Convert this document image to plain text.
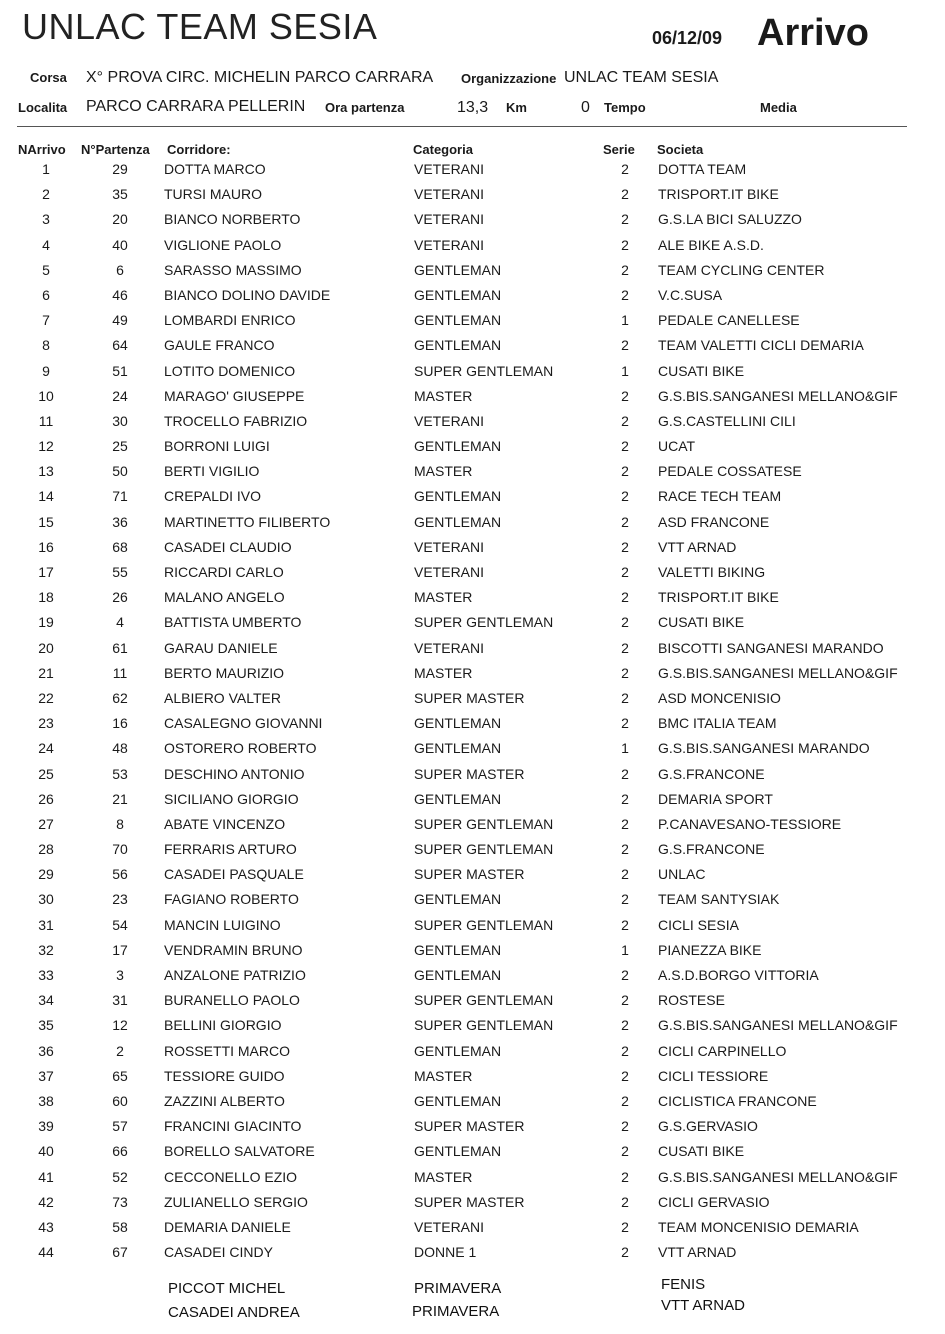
UNLAC TEAM SESIA	06/12/09 Arrivo
Corsa X° PROVA CIRC. MICHELIN PARCO CARRARA Organizzazione UNLAC TEAM SESIA
Localita PARCO CARRARA PELLERIN Ora partenza	13,3 Km	0 Tempo	Media
NArrivo N°Partenza Corridore:	Categoria	Serie Societa
1	29	DOTTA MARCO	VETERANI	2	DOTTA TEAM
2	35	TURSI MAURO	VETERANI	2	TRISPORT.IT BIKE
3	20	BIANCO NORBERTO	VETERANI	2	G.S.LA BICI SALUZZO
4	40	VIGLIONE PAOLO	VETERANI	2	ALE BIKE A.S.D.
5	6	SARASSO MASSIMO	GENTLEMAN	2	TEAM CYCLING CENTER
6	46	BIANCO DOLINO DAVIDE	GENTLEMAN	2	V.C.SUSA
7	49	LOMBARDI ENRICO	GENTLEMAN	1	PEDALE CANELLESE
8	64	GAULE FRANCO	GENTLEMAN	2	TEAM VALETTI CICLI DEMARIA
9	51	LOTITO DOMENICO	SUPER GENTLEMAN	1	CUSATI BIKE
10	24	MARAGO' GIUSEPPE	MASTER	2	G.S.BIS.SANGANESI MELLANO&GIF
11	30	TROCELLO FABRIZIO	VETERANI	2	G.S.CASTELLINI CILI
12	25	BORRONI LUIGI	GENTLEMAN	2	UCAT
13	50	BERTI VIGILIO	MASTER	2	PEDALE COSSATESE
14	71	CREPALDI IVO	GENTLEMAN	2	RACE TECH TEAM
15	36	MARTINETTO FILIBERTO	GENTLEMAN	2	ASD FRANCONE
16	68	CASADEI CLAUDIO	VETERANI	2	VTT ARNAD
17	55	RICCARDI CARLO	VETERANI	2	VALETTI BIKING
18	26	MALANO ANGELO	MASTER	2	TRISPORT.IT BIKE
19	4	BATTISTA UMBERTO	SUPER GENTLEMAN	2	CUSATI BIKE
20	61	GARAU DANIELE	VETERANI	2	BISCOTTI SANGANESI MARANDO
21	11	BERTO MAURIZIO	MASTER	2	G.S.BIS.SANGANESI MELLANO&GIF
22	62	ALBIERO VALTER	SUPER MASTER	2	ASD MONCENISIO
23	16	CASALEGNO GIOVANNI	GENTLEMAN	2	BMC ITALIA TEAM
24	48	OSTORERO ROBERTO	GENTLEMAN	1	G.S.BIS.SANGANESI MARANDO
25	53	DESCHINO ANTONIO	SUPER MASTER	2	G.S.FRANCONE
26	21	SICILIANO GIORGIO	GENTLEMAN	2	DEMARIA SPORT
27	8	ABATE VINCENZO	SUPER GENTLEMAN	2	P.CANAVESANO-TESSIORE
28	70	FERRARIS ARTURO	SUPER GENTLEMAN	2	G.S.FRANCONE
29	56	CASADEI PASQUALE	SUPER MASTER	2	UNLAC
30	23	FAGIANO ROBERTO	GENTLEMAN	2	TEAM SANTYSIAK
31	54	MANCIN LUIGINO	SUPER GENTLEMAN	2	CICLI SESIA
32	17	VENDRAMIN BRUNO	GENTLEMAN	1	PIANEZZA BIKE
33	3	ANZALONE PATRIZIO	GENTLEMAN	2	A.S.D.BORGO VITTORIA
34	31	BURANELLO PAOLO	SUPER GENTLEMAN	2	ROSTESE
35	12	BELLINI GIORGIO	SUPER GENTLEMAN	2	G.S.BIS.SANGANESI MELLANO&GIF
36	2	ROSSETTI MARCO	GENTLEMAN	2	CICLI CARPINELLO
37	65	TESSIORE GUIDO	MASTER	2	CICLI TESSIORE
38	60	ZAZZINI ALBERTO	GENTLEMAN	2	CICLISTICA FRANCONE
39	57	FRANCINI GIACINTO	SUPER MASTER	2	G.S.GERVASIO
40	66	BORELLO SALVATORE	GENTLEMAN	2	CUSATI BIKE
41	52	CECCONELLO EZIO	MASTER	2	G.S.BIS.SANGANESI MELLANO&GIF
42	73	ZULIANELLO SERGIO	SUPER MASTER	2	CICLI GERVASIO
43	58	DEMARIA DANIELE	VETERANI	2	TEAM MONCENISIO DEMARIA
44	67	CASADEI CINDY	DONNE 1	2	VTT ARNAD
PICCOT MICHEL	PRIMAVERA	FENIS
CASADEI ANDREA	PRIMAVERA	VTT ARNAD
